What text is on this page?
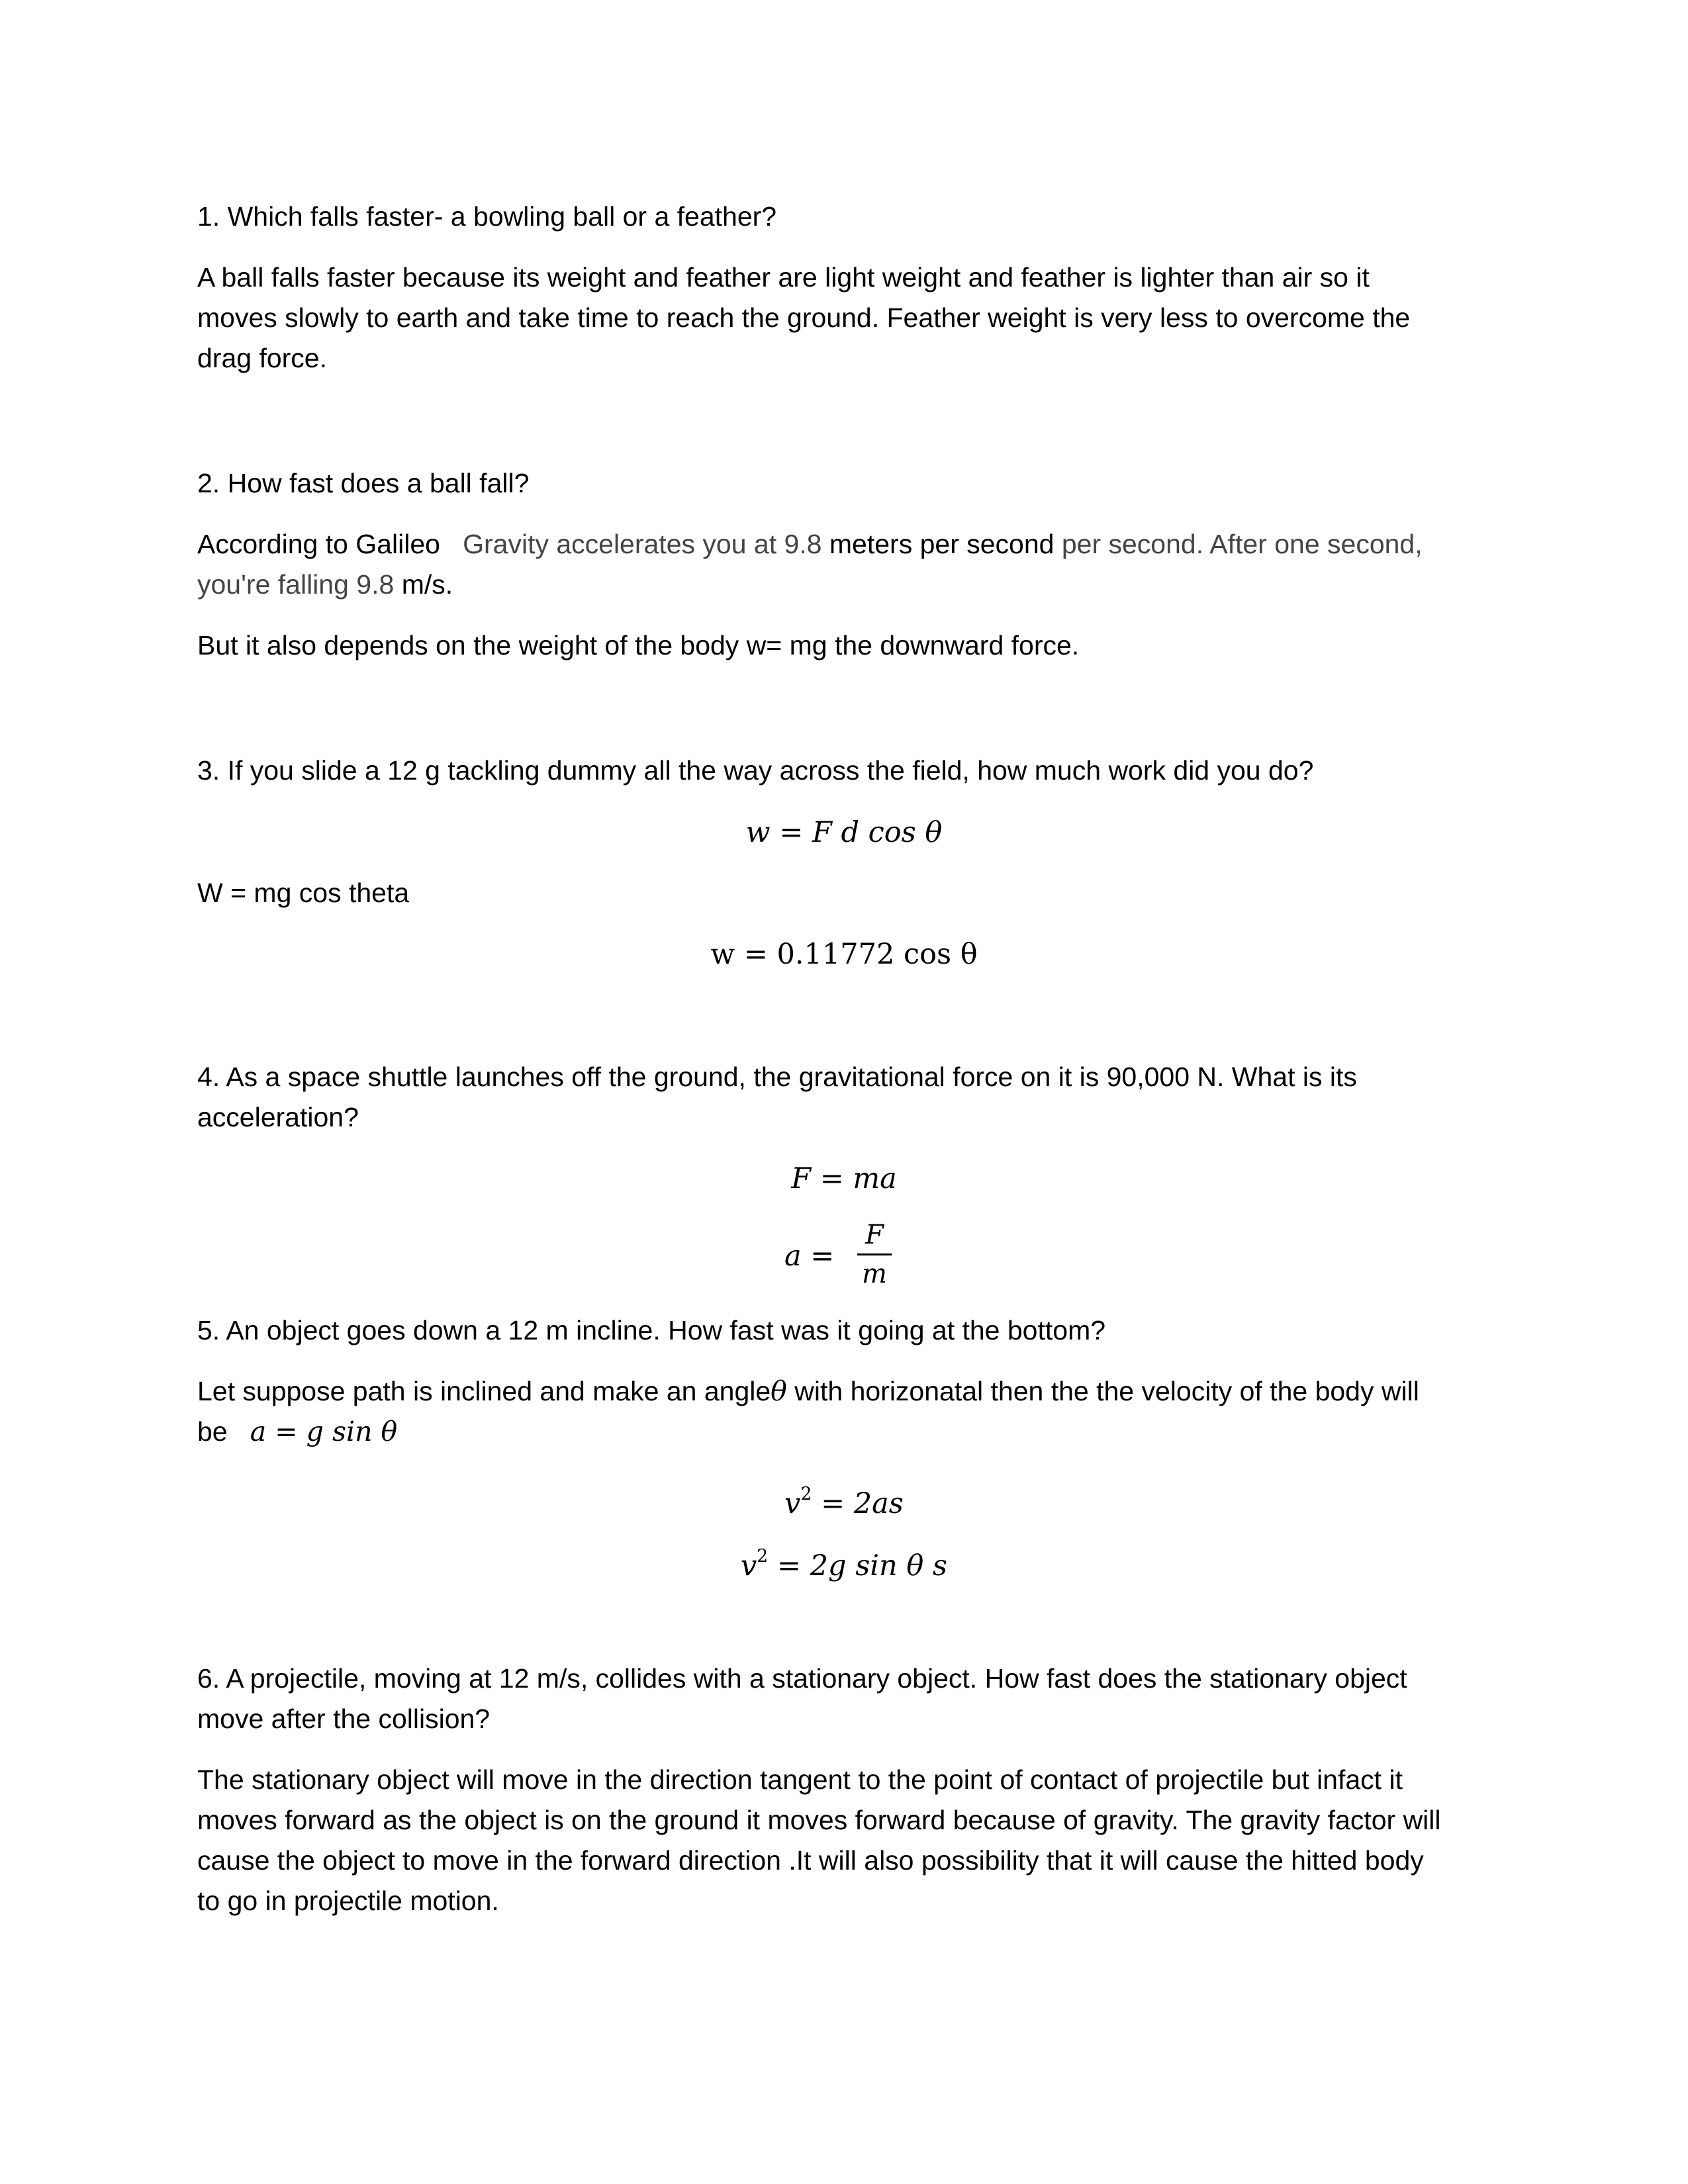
1. Which falls faster- a bowling ball or a feather?
A ball falls faster because its weight and feather are light weight and feather is lighter than air so it
moves slowly to earth and take time to reach the ground. Feather weight is very less to overcome the
drag force.
2. How fast does a ball fall?
According to Galileo Gravity accelerates you at 9.8 meters per second per second. After one second,
you're falling 9.8 m/s.
But it also depends on the weight of the body w= mg the downward force.
3. If you slide a 12 g tackling dummy all the way across the field, how much work did you do?
w = F d cos θ
W = mg cos theta
w = 0.11772 cos θ
4. As a space shuttle launches off the ground, the gravitational force on it is 90,000 N. What is its
acceleration?
F = ma
$a = \frac{F}{m}$
5. An object goes down a 12 m incline. How fast was it going at the bottom?
Let suppose path is inclined and make an angleθ with horizonatal then the the velocity of the body will
be a = g sin θ
$v^2 = 2as$
$v^2 = 2g$ sin θ s
6. A projectile, moving at 12 m/s, collides with a stationary object. How fast does the stationary object
move after the collision?
The stationary object will move in the direction tangent to the point of contact of projectile but infact it
moves forward as the object is on the ground it moves forward because of gravity. The gravity factor will
cause the object to move in the forward direction .It will also possibility that it will cause the hitted body
to go in projectile motion.
